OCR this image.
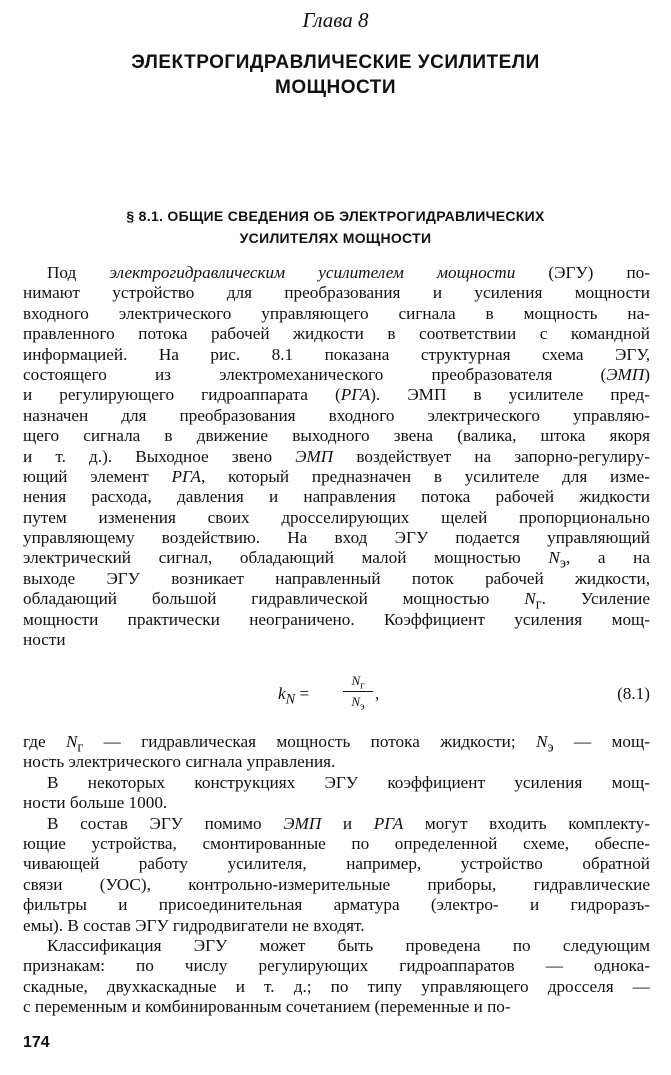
Глава 8
ЭЛЕКТРОГИДРАВЛИЧЕСКИЕ УСИЛИТЕЛИ
МОЩНОСТИ
§ 8.1. ОБЩИЕ СВЕДЕНИЯ ОБ ЭЛЕКТРОГИДРАВЛИЧЕСКИХ
УСИЛИТЕЛЯХ МОЩНОСТИ
Под электрогидравлическим усилителем мощности (ЭГУ) по-
нимают устройство для преобразования и усиления мощности
входного электрического управляющего сигнала в мощность на-
правленного потока рабочей жидкости в соответствии с командной
информацией. На рис. 8.1 показана структурная схема ЭГУ,
состоящего из электромеханического преобразователя (ЭМП)
и регулирующего гидроаппарата (РГА). ЭМП в усилителе пред-
назначен для преобразования входного электрического управляю-
щего сигнала в движение выходного звена (валика, штока якоря
и т. д.). Выходное звено ЭМП воздействует на запорно-регулиру-
ющий элемент РГА, который предназначен в усилителе для изме-
нения расхода, давления и направления потока рабочей жидкости
путем изменения своих дросселирующих щелей пропорционально
управляющему воздействию. На вход ЭГУ подается управляющий
электрический сигнал, обладающий малой мощностью $N_э$, а на
выходе ЭГУ возникает направленный поток рабочей жидкости,
обладающий большой гидравлической мощностью $N_г$. Усиление
мощности практически неограничено. Коэффициент усиления мощ-
ности
$k_N$ =
$N_г$
$N_э$
,	(8.1)
где $N_г$ — гидравлическая мощность потока жидкости; $N_э$ — мощ-
ность электрического сигнала управления.
В некоторых конструкциях ЭГУ коэффициент усиления мощ-
ности больше 1000.
В состав ЭГУ помимо ЭМП и РГА могут входить комплекту-
ющие устройства, смонтированные по определенной схеме, обеспе-
чивающей работу усилителя, например, устройство обратной
связи (УОС), контрольно-измерительные приборы, гидравлические
фильтры и присоединительная арматура (электро- и гидроразъ-
емы). В состав ЭГУ гидродвигатели не входят.
Классификация ЭГУ может быть проведена по следующим
признакам: по числу регулирующих гидроаппаратов — однока-
скадные, двухкаскадные и т. д.; по типу управляющего дросселя —
с переменным и комбинированным сочетанием (переменные и по-
174
